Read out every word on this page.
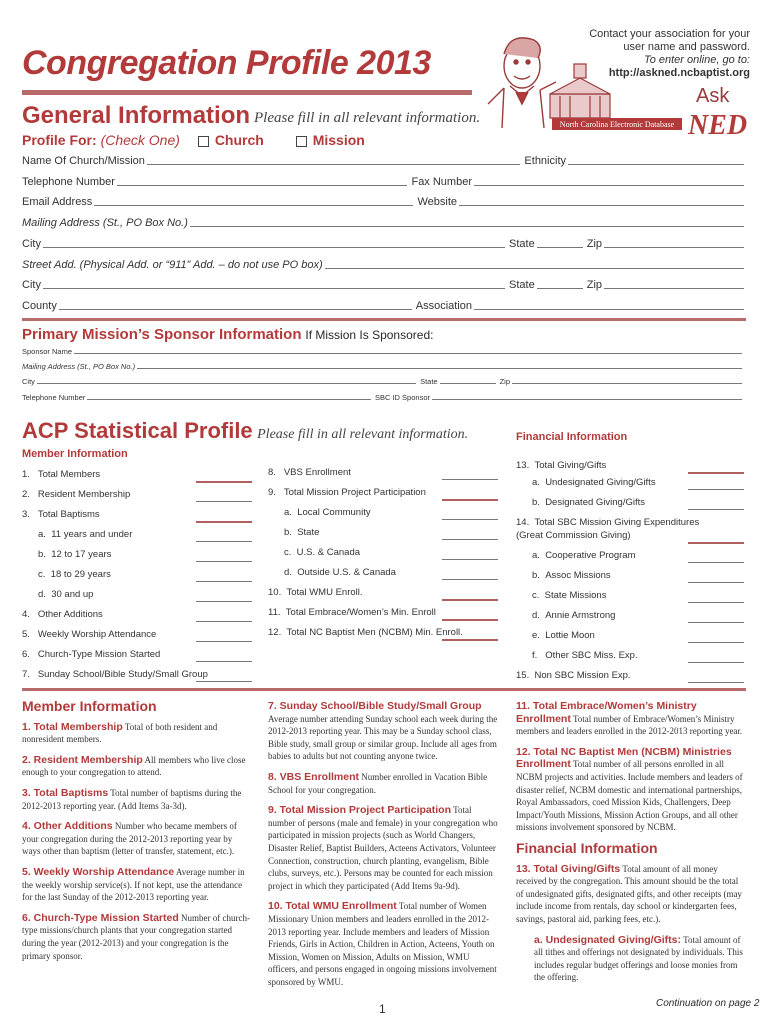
Congregation Profile 2013
Contact your association for your
user name and password.
To enter online, go to:
http://askned.ncbaptist.org
North Carolina Electronic Database
Ask
NED
General Information Please fill in all relevant information.
Profile For: (Check One) Church	Mission
Name Of Church/Mission	Ethnicity
Telephone Number	Fax Number
Email Address	Website
Mailing Address (St., PO Box No.)
City	State	Zip
Street Add. (Physical Add. or “911” Add. – do not use PO box)
City	State	Zip
County	Association
Primary Mission’s Sponsor Information If Mission Is Sponsored:
Sponsor Name
Mailing Address (St., PO Box No.)
City	State	Zip
Telephone Number	SBC ID Sponsor
ACP Statistical Profile Please fill in all relevant information.
Member Information
Financial Information
1.   Total Members
2.   Resident Membership
3.   Total Baptisms
a.  11 years and under
b.  12 to 17 years
c.  18 to 29 years
d.  30 and up
4.   Other Additions
5.   Weekly Worship Attendance
6.   Church-Type Mission Started
7.   Sunday School/Bible Study/Small Group
8.   VBS Enrollment
9.   Total Mission Project Participation
a.  Local Community
b.  State
c.  U.S. & Canada
d.  Outside U.S. & Canada
10.  Total WMU Enroll.
11.  Total Embrace/Women’s Min. Enroll
12.  Total NC Baptist Men (NCBM) Min. Enroll.
13.  Total Giving/Gifts
a.  Undesignated Giving/Gifts
b.  Designated Giving/Gifts
14.  Total SBC Mission Giving Expenditures
(Great Commission Giving)
a.  Cooperative Program
b.  Assoc Missions
c.  State Missions
d.  Annie Armstrong
e.  Lottie Moon
f.   Other SBC Miss. Exp.
15.  Non SBC Mission Exp.
Member Information

1. Total Membership Total of both resident and nonresident members.

2. Resident Membership All members who live close enough to your congregation to attend.

3. Total Baptisms Total number of baptisms during the 2012-2013 reporting year. (Add Items 3a-3d).

4. Other Additions Number who became members of your congregation during the 2012-2013 reporting year by ways other than baptism (letter of transfer, statement, etc.).

5. Weekly Worship Attendance Average number in the weekly worship service(s). If not kept, use the attendance for the last Sunday of the 2012-2013 reporting year.

6. Church-Type Mission Started Number of church-type missions/church plants that your congregation started during the year (2012-2013) and your congregation is the primary sponsor.

7. Sunday School/Bible Study/Small Group
Average number attending Sunday school each week during the 2012-2013 reporting year. This may be a Sunday school class, Bible study, small group or similar group. Include all ages from babies to adults but not counting anyone twice.

8. VBS Enrollment Number enrolled in Vacation Bible School for your congregation.

9. Total Mission Project Participation Total number of persons (male and female) in your congregation who participated in mission projects (such as World Changers, Disaster Relief, Baptist Builders, Acteens Activators, Volunteer Connection, construction, church planting, evangelism, Bible clubs, surveys, etc.). Persons may be counted for each mission project in which they participated (Add Items 9a-9d).

10. Total WMU Enrollment Total number of Women Missionary Union members and leaders enrolled in the 2012-2013 reporting year. Include members and leaders of Mission Friends, Girls in Action, Children in Action, Acteens, Youth on Mission, Women on Mission, Adults on Mission, WMU officers, and persons engaged in ongoing missions involvement sponsored by WMU.

11. Total Embrace/Women’s Ministry Enrollment Total number of Embrace/Women’s Ministry members and leaders enrolled in the 2012-2013 reporting year.

12. Total NC Baptist Men (NCBM) Ministries Enrollment Total number of all persons enrolled in all NCBM projects and activities. Include members and leaders of disaster relief, NCBM domestic and international partnerships, Royal Ambassadors, coed Mission Kids, Challengers, Deep Impact/Youth Missions, Mission Action Groups, and all other missions involvement sponsored by NCBM.

Financial Information

13. Total Giving/Gifts Total amount of all money received by the congregation. This amount should be the total of undesignated gifts, designated gifts, and other receipts (may include income from rentals, day school or kindergarten fees, savings, pastoral aid, parking fees, etc.).

a. Undesignated Giving/Gifts: Total amount of all tithes and offerings not designated by individuals. This includes regular budget offerings and loose monies from the offering.

1	Continuation on page 2
